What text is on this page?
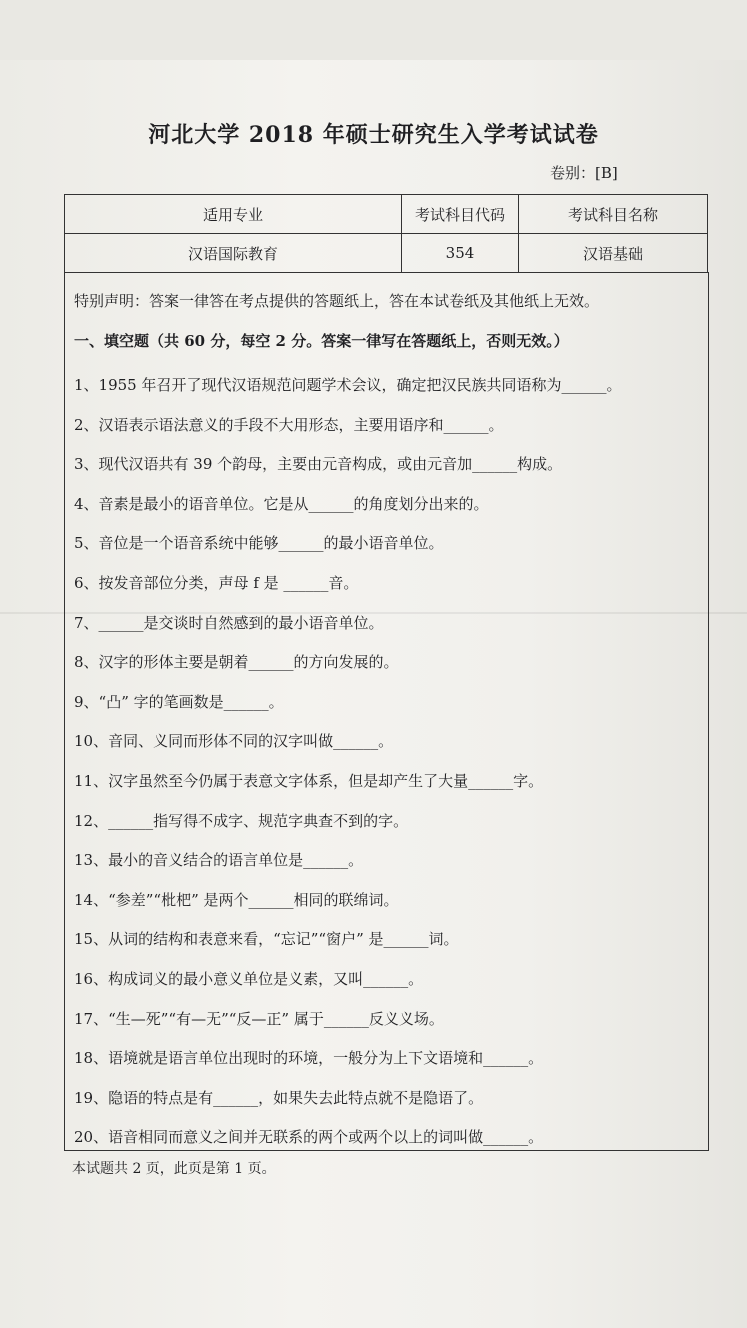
河北大学 2018 年硕士研究生入学考试试卷
卷别：[B]
适用专业	考试科目代码	考试科目名称
汉语国际教育	354	汉语基础
特别声明：答案一律答在考点提供的答题纸上，答在本试卷纸及其他纸上无效。
一、填空题（共 60 分，每空 2 分。答案一律写在答题纸上，否则无效。）
1、1955 年召开了现代汉语规范问题学术会议，确定把汉民族共同语称为______。
2、汉语表示语法意义的手段不大用形态，主要用语序和______。
3、现代汉语共有 39 个韵母，主要由元音构成，或由元音加______构成。
4、音素是最小的语音单位。它是从______的角度划分出来的。
5、音位是一个语音系统中能够______的最小语音单位。
6、按发音部位分类，声母 f 是 ______音。
7、______是交谈时自然感到的最小语音单位。
8、汉字的形体主要是朝着______的方向发展的。
9、“凸” 字的笔画数是______。
10、音同、义同而形体不同的汉字叫做______。
11、汉字虽然至今仍属于表意文字体系，但是却产生了大量______字。
12、______指写得不成字、规范字典查不到的字。
13、最小的音义结合的语言单位是______。
14、“参差”“枇杷” 是两个______相同的联绵词。
15、从词的结构和表意来看，“忘记”“窗户” 是______词。
16、构成词义的最小意义单位是义素，又叫______。
17、“生—死”“有—无”“反—正” 属于______反义义场。
18、语境就是语言单位出现时的环境，一般分为上下文语境和______。
19、隐语的特点是有______，如果失去此特点就不是隐语了。
20、语音相同而意义之间并无联系的两个或两个以上的词叫做______。
本试题共 2 页，此页是第 1 页。
